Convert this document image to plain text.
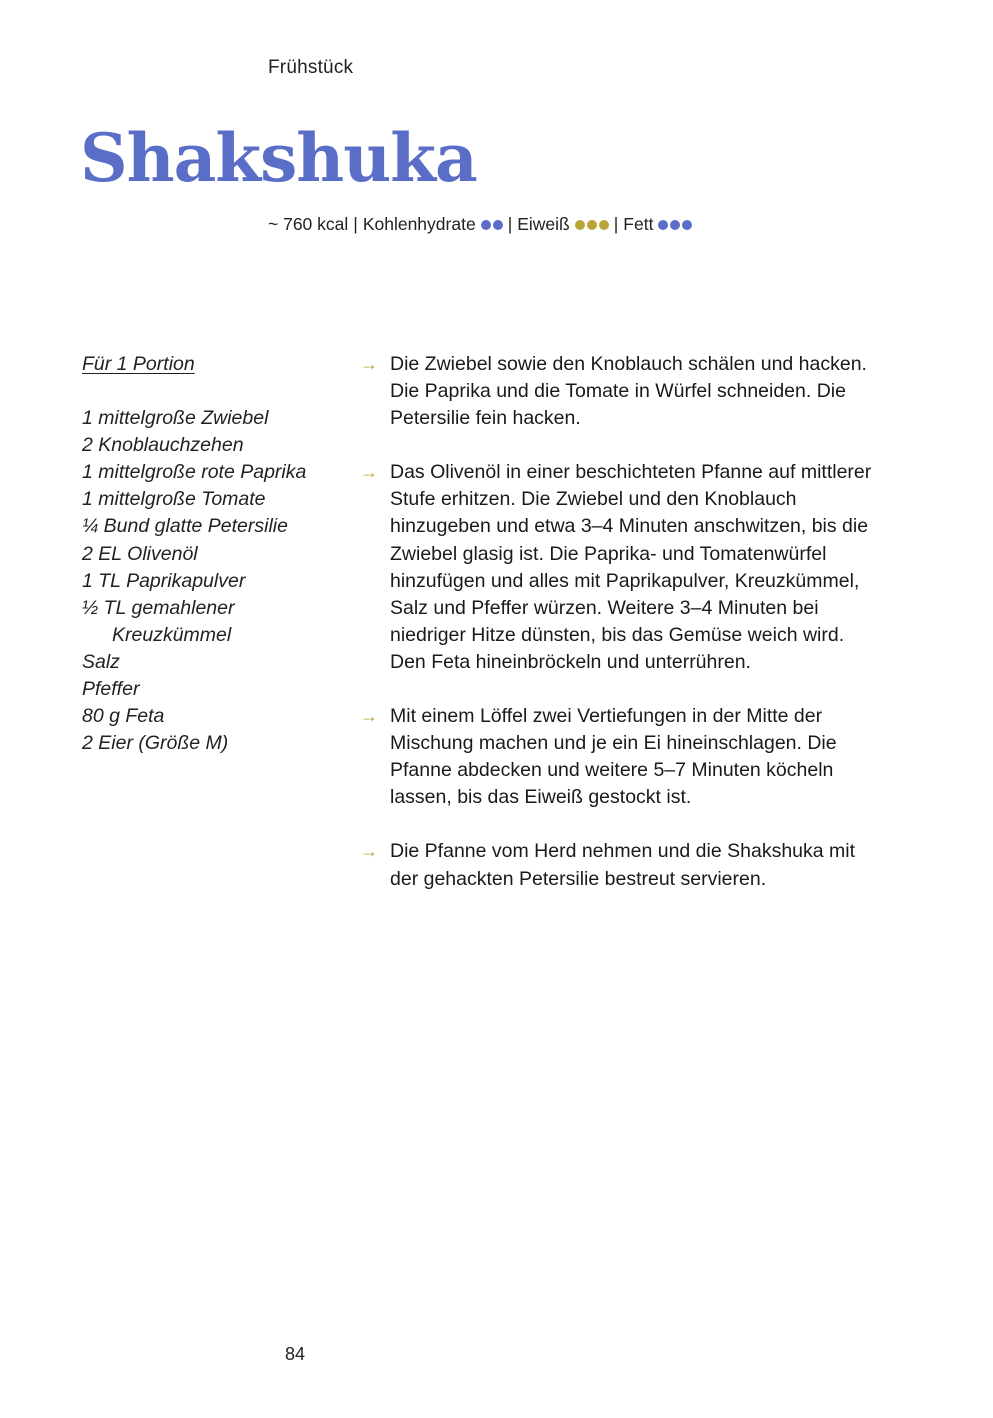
Frühstück
Shakshuka
~ 760 kcal | Kohlenhydrate | Eiweiß	| Fett
Für 1 Portion
1 mittelgroße Zwiebel
2 Knoblauchzehen
1 mittelgroße rote Paprika
1 mittelgroße Tomate
¼ Bund glatte Petersilie
2 EL Olivenöl
1 TL Paprikapulver
½ TL gemahlener
Kreuzkümmel
Salz
Pfeffer
80 g Feta
2 Eier (Größe M)
→ Die Zwiebel sowie den Knoblauch schälen und hacken. Die Paprika und die Tomate in Würfel schneiden. Die Petersilie fein hacken.
→ Das Olivenöl in einer beschichteten Pfanne auf mittlerer Stufe erhitzen. Die Zwiebel und den Knoblauch hinzugeben und etwa 3–4 Minuten anschwitzen, bis die Zwiebel glasig ist. Die Paprika- und Tomatenwürfel hinzufügen und alles mit Paprikapulver, Kreuzkümmel, Salz und Pfeffer würzen. Weitere 3–4 Minuten bei niedriger Hitze dünsten, bis das Gemüse weich wird. Den Feta hineinbröckeln und unterrühren.
→ Mit einem Löffel zwei Vertiefungen in der Mitte der Mischung machen und je ein Ei hineinschlagen. Die Pfanne abdecken und weitere 5–7 Minuten köcheln lassen, bis das Eiweiß gestockt ist.
→ Die Pfanne vom Herd nehmen und die Shakshuka mit der gehackten Petersilie bestreut servieren.
84
